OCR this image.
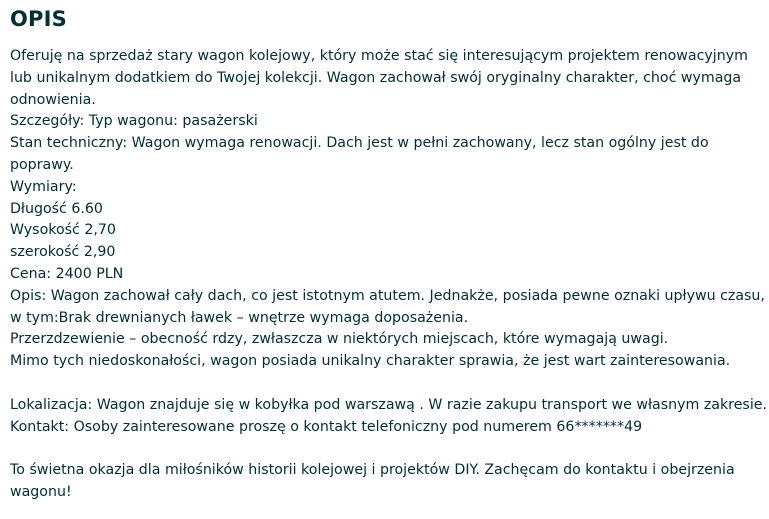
OPIS
Oferuję na sprzedaż stary wagon kolejowy, który może stać się interesującym projektem renowacyjnym
lub unikalnym dodatkiem do Twojej kolekcji. Wagon zachował swój oryginalny charakter, choć wymaga
odnowienia.
Szczegóły: Typ wagonu: pasażerski
Stan techniczny: Wagon wymaga renowacji. Dach jest w pełni zachowany, lecz stan ogólny jest do
poprawy.
Wymiary:
Długość 6.60
Wysokość 2,70
szerokość 2,90
Cena: 2400 PLN
Opis: Wagon zachował cały dach, co jest istotnym atutem. Jednakże, posiada pewne oznaki upływu czasu,
w tym:Brak drewnianych ławek – wnętrze wymaga doposażenia.
Przerzdzewienie – obecność rdzy, zwłaszcza w niektórych miejscach, które wymagają uwagi.
Mimo tych niedoskonałości, wagon posiada unikalny charakter sprawia, że jest wart zainteresowania.
Lokalizacja: Wagon znajduje się w kobyłka pod warszawą . W razie zakupu transport we własnym zakresie.
Kontakt: Osoby zainteresowane proszę o kontakt telefoniczny pod numerem 66*******49
To świetna okazja dla miłośników historii kolejowej i projektów DIY. Zachęcam do kontaktu i obejrzenia
wagonu!
